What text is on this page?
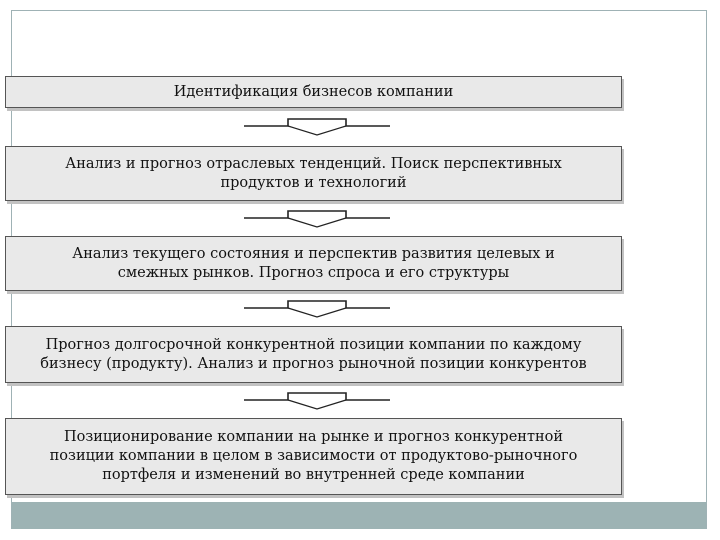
Идентификация бизнесов компании
Анализ и прогноз отраслевых тенденций. Поиск перспективных
продуктов и технологий
Анализ текущего состояния и перспектив развития целевых и
смежных рынков. Прогноз спроса и его структуры
Прогноз долгосрочной конкурентной позиции компании по каждому
бизнесу (продукту). Анализ и прогноз рыночной позиции конкурентов
Позиционирование компании на рынке и прогноз конкурентной
позиции компании в целом в зависимости от продуктово-рыночного
портфеля и изменений во внутренней среде компании
